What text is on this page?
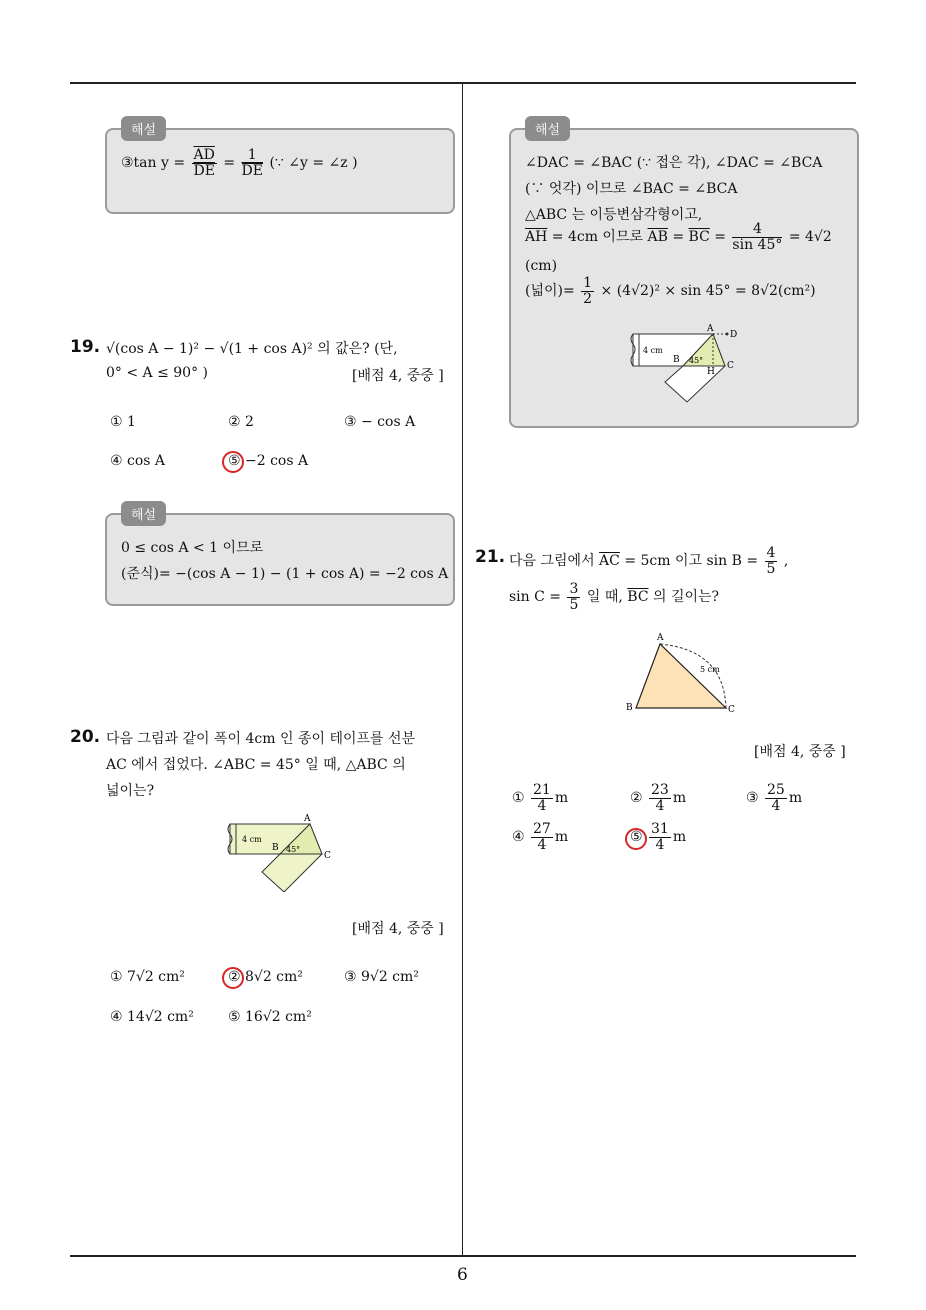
해설
③tan $y = \frac{\overline{AD}}{DE} = \frac{1}{DE}$ (∵ ∠y = ∠z )
19. √(cos A − 1)² − √(1 + cos A)² 의 값은? (단,
0° < A ≤ 90° )	[배점 4, 중중 ]
① 1	② 2	③ − cos A
④ cos A	⑤ −2 cos A
해설
0 ≤ cos A < 1 이므로
(준식)= −(cos A − 1) − (1 + cos A) = −2 cos A
20. 다음 그림과 같이 폭이 4cm 인 종이 테이프를 선분
AC 에서 접었다. ∠ABC = 45° 일 때, △ABC 의
넓이는?
A
B
C
4 cm
45°
[배점 4, 중중 ]
① 7√2 cm²	② 8√2 cm²	③ 9√2 cm²
④ 14√2 cm² ⑤ 16√2 cm²
해설
∠DAC = ∠BAC (∵ 접은 각), ∠DAC = ∠BCA
(∵ 엇각) 이므로 ∠BAC = ∠BCA
△ABC 는 이등변삼각형이고,
$\overline{AH} = 4cm$ 이므로 $\overline{AB} = \overline{BC} = \frac{4}{\sin 45^\circ} = 4√2$
(cm)
(넓이)= $\frac{1}{2} \times (4√2)^2 \times \sin 45^\circ = 8√2(cm^2)$
A
D
B
C
H
4 cm
45°
21. 다음 그림에서 $\overline{AC} = 5cm$ 이고 $\sin B = \frac{4}{5}$ ,
$\sin C = \frac{3}{5}$ 일 때, $\overline{BC}$ 의 길이는?
A
B	C
5 cm
[배점 4, 중중 ]
① $\frac{21}{4}$ m	② $\frac{23}{4}$ m	③ $\frac{25}{4}$ m
④ $\frac{27}{4}$ m	⑤ $\frac{31}{4}$ m
6
